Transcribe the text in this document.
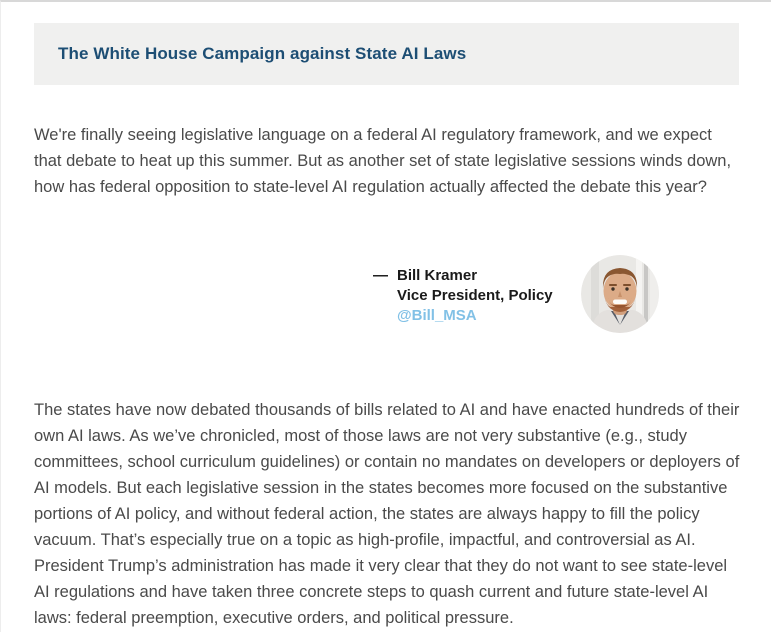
The White House Campaign against State AI Laws

We're finally seeing legislative language on a federal AI regulatory framework, and we expect that debate to heat up this summer. But as another set of state legislative sessions winds down, how has federal opposition to state-level AI regulation actually affected the debate this year?

— Bill Kramer
Vice President, Policy
@Bill_MSA

The states have now debated thousands of bills related to AI and have enacted hundreds of their own AI laws. As we’ve chronicled, most of those laws are not very substantive (e.g., study committees, school curriculum guidelines) or contain no mandates on developers or deployers of AI models. But each legislative session in the states becomes more focused on the substantive portions of AI policy, and without federal action, the states are always happy to fill the policy vacuum. That’s especially true on a topic as high-profile, impactful, and controversial as AI. President Trump’s administration has made it very clear that they do not want to see state-level AI regulations and have taken three concrete steps to quash current and future state-level AI laws: federal preemption, executive orders, and political pressure.
